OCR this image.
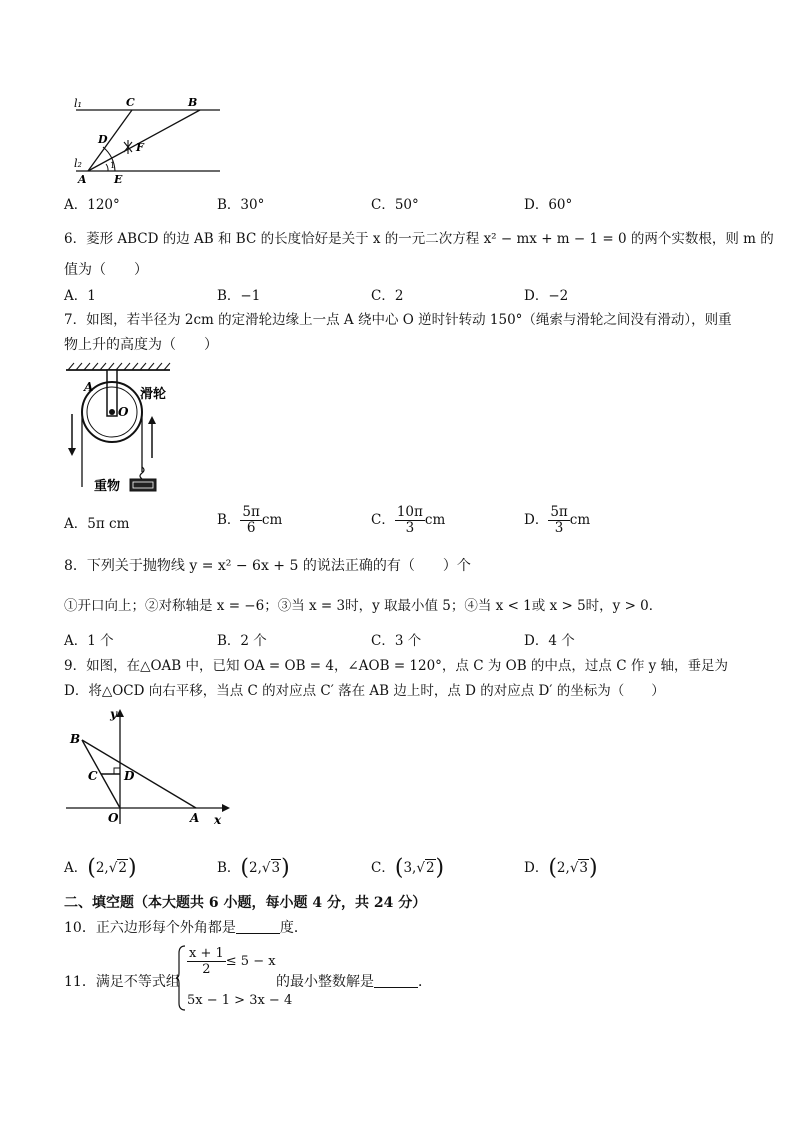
l₁
l₂
C	B
D
F
A E
1
A．120°	B．30°	C．50°	D．60°
6．菱形 ABCD 的边 AB 和 BC 的长度恰好是关于 x 的一元二次方程 x² − mx + m − 1 = 0 的两个实数根，则 m 的
值为（　　）
A．1	B．−1	C．2	D．−2
7．如图，若半径为 2cm 的定滑轮边缘上一点 A 绕中心 O 逆时针转动 150°（绳索与滑轮之间没有滑动），则重
物上升的高度为（　　）
A
O
滑轮
重物
A．5π cm	B． $\frac{5\pi}{6}$ cm	C． $\frac{10\pi}{3}$ cm	D． $\frac{5\pi}{3}$ cm
8．下列关于抛物线 y = x² − 6x + 5 的说法正确的有（　　）个
①开口向上；②对称轴是 x = −6；③当 x = 3时，y 取最小值 5；④当 x < 1或 x > 5时，y > 0．
A．1 个	B．2 个	C．3 个	D．4 个
9．如图，在△OAB 中，已知 OA = OB = 4，∠AOB = 120°，点 C 为 OB 的中点，过点 C 作 y 轴，垂足为
D．将△OCD 向右平移，当点 C 的对应点 C′ 落在 AB 边上时，点 D 的对应点 D′ 的坐标为（　　）
B
y
C D
O	A x
A．(2,√2)	B．(2,√3)	C．(3,√2)	D．(2,√3)
二、填空题（本大题共 6 小题，每小题 4 分，共 24 分）
10．正六边形每个外角都是	度．
11．满足不等式组
$\frac{x + 1}{2} \le 5 - x$
5x − 1 > 3x − 4
的最小整数解是	．
